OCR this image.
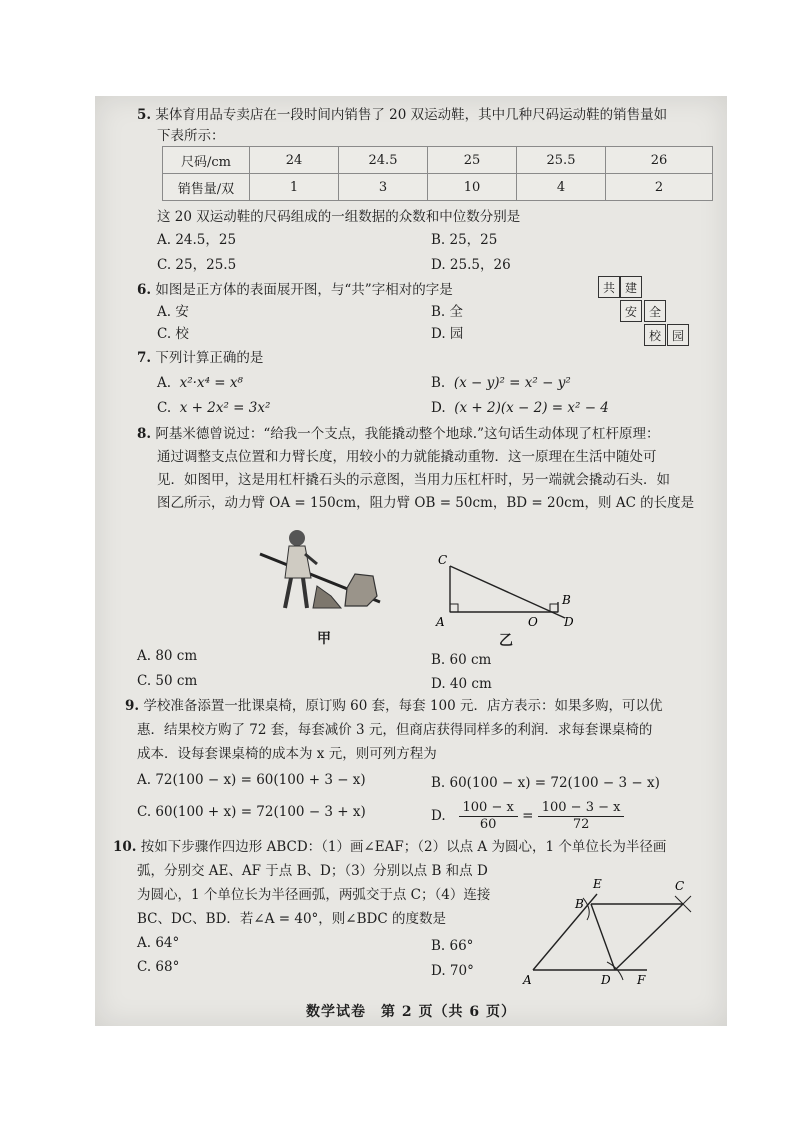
5. 某体育用品专卖店在一段时间内销售了 20 双运动鞋，其中几种尺码运动鞋的销售量如
下表所示：
尺码/cm	24	24.5	25	25.5	26
销售量/双	1	3	10	4	2
这 20 双运动鞋的尺码组成的一组数据的众数和中位数分别是
A. 24.5，25	B. 25，25
C. 25，25.5	D. 25.5，26
6. 如图是正方体的表面展开图，与“共”字相对的字是
A. 安	B. 全
C. 校	D. 园
共 建
安 全
校 园
7. 下列计算正确的是
A. x²·x⁴ = x⁸	B. (x − y)² = x² − y²
C. x + 2x² = 3x²	D. (x + 2)(x − 2) = x² − 4
8. 阿基米德曾说过：“给我一个支点，我能撬动整个地球.”这句话生动体现了杠杆原理：
通过调整支点位置和力臂长度，用较小的力就能撬动重物．这一原理在生活中随处可
见．如图甲，这是用杠杆撬石头的示意图，当用力压杠杆时，另一端就会撬动石头．如
图乙所示，动力臂 OA = 150cm，阻力臂 OB = 50cm，BD = 20cm，则 AC 的长度是
甲
C
A	O
B
D
乙
A. 80 cm	B. 60 cm
C. 50 cm	D. 40 cm
9. 学校准备添置一批课桌椅，原订购 60 套，每套 100 元．店方表示：如果多购，可以优
惠．结果校方购了 72 套，每套减价 3 元，但商店获得同样多的利润．求每套课桌椅的
成本．设每套课桌椅的成本为 x 元，则可列方程为
A. 72(100 − x) = 60(100 + 3 − x)	B. 60(100 − x) = 72(100 − 3 − x)
C. 60(100 + x) = 72(100 − 3 + x)	D. $\frac{100 - x}{60} = \frac{100 - 3 - x}{72}$
10. 按如下步骤作四边形 ABCD：（1）画∠EAF；（2）以点 A 为圆心，1 个单位长为半径画
弧，分别交 AE、AF 于点 B、D；（3）分别以点 B 和点 D
为圆心，1 个单位长为半径画弧，两弧交于点 C；（4）连接
BC、DC、BD．若∠A = 40°，则∠BDC 的度数是
A. 64°	B. 66°
C. 68°	D. 70°
E	C
B
A	D F
数学试卷　第 2 页（共 6 页）
